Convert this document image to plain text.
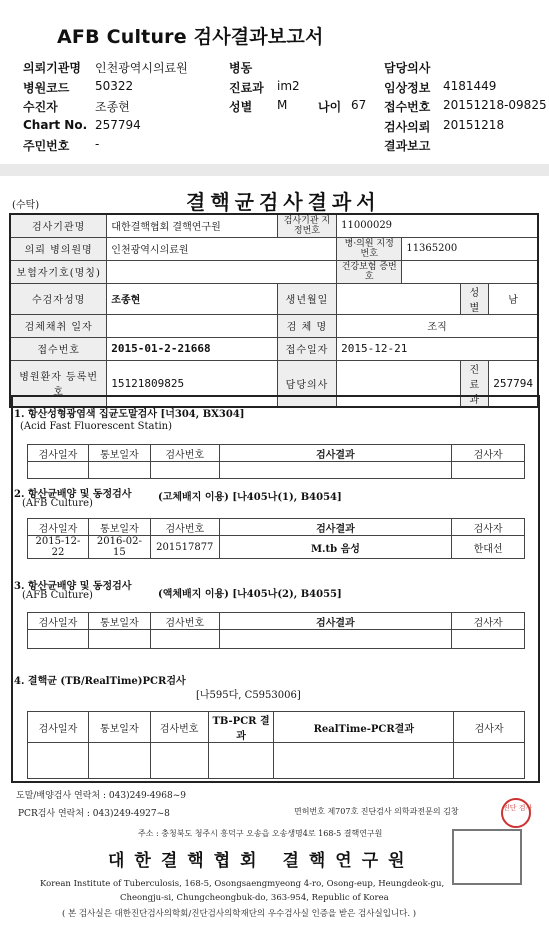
AFB Culture 검사결과보고서
의뢰기관명 인천광역시의료원
병원코드 50322
수진자	조종현
Chart No. 257794
주민번호 -
병동
진료과 im2
성별 M	나이 67
담당의사
임상정보 4181449
접수번호 20151218-09825
검사의뢰 20151218
결과보고
(수탁)	결핵균검사결과서
검사기관명	대한결핵협회 결핵연구원	검사기관 지정번호	11000029			
의뢰 병의원명	인천광역시의료원		병·의원 지정번호	11365200		
보험자기호(명칭)			건강보험 증번호			
수검자성명	조종현	생년월일			성별	남
검체채취 일자		검 체 명	조직			
접수번호	2015-01-2-21668	접수일자	2015-12-21			
병원환자 등록번호	15121809825	담당의사			진료과	257794
1. 항산성형광염색 집균도말검사 [너304, BX304]
(Acid Fast Fluorescent Statin)
검사일자	통보일자	검사번호	검사결과	검사자

2. 항산균배양 및 동정검사	(고체배지 이용) [나405나(1), B4054]
(AFB Culture)
검사일자	통보일자	검사번호	검사결과	검사자
2015-12-22	2016-02-15	201517877	M.tb 음성	한대선
3. 항산균배양 및 동정검사
(액체배지 이용) [나405나(2), B4055]
(AFB Culture)
검사일자	통보일자	검사번호	검사결과	검사자

4. 결핵균 (TB/RealTime)PCR검사
[나595다, C5953006]
검사일자	통보일자	검사번호	TB-PCR 결과	RealTime-PCR결과	검사자

도말/배양검사 연락처 : 043)249-4968~9
PCR검사 연락처 : 043)249-4927~8	면허번호 제707호 진단검사 의학과전문의 김창	진단 검사
주소 : 충청북도 청주시 흥덕구 오송읍 오송생명4로 168-5 결핵연구원
대한결핵협회 결핵연구원
Korean Institute of Tuberculosis, 168-5, Osongsaengmyeong 4-ro, Osong-eup, Heungdeok-gu,
Cheongju-si, Chungcheongbuk-do, 363-954, Republic of Korea
( 본 검사실은 대한진단검사의학회/진단검사의학재단의 우수검사실 인증을 받은 검사실입니다. )
